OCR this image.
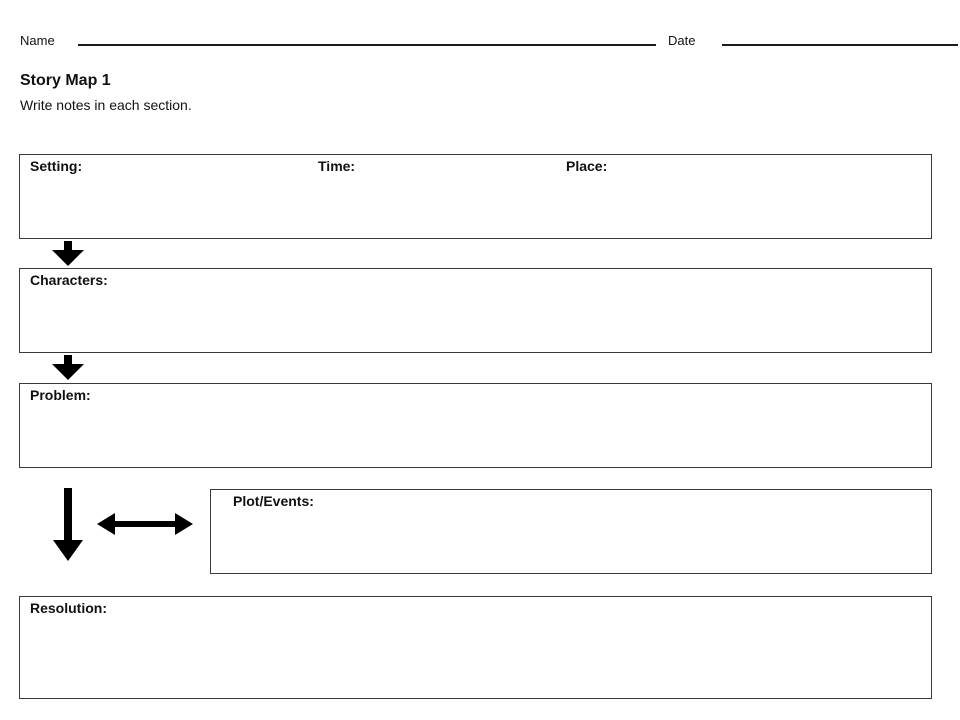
Name	Date
Story Map 1
Write notes in each section.
Setting:	Time:	Place:
Characters:
Problem:
Plot/Events:
Resolution:
